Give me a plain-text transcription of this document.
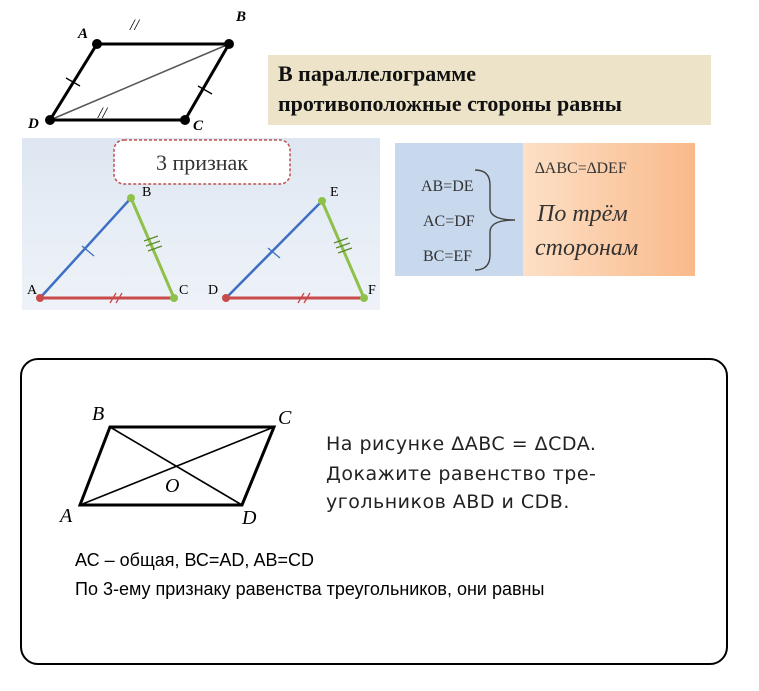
A
B
C
D
//
//
В параллелограмме
противоположные стороны равны
3 признак
A
B
C D
E
F
AB=DE
AC=DF
BC=EF
∆ABC=∆DEF
По трём
сторонам
A
B	C
D
O
На рисунке ΔABC = ΔCDA.
Докажите равенство тре-
угольников ABD и CDB.
АС – общая, ВС=AD, AB=CD
По 3-ему признаку равенства треугольников, они равны
